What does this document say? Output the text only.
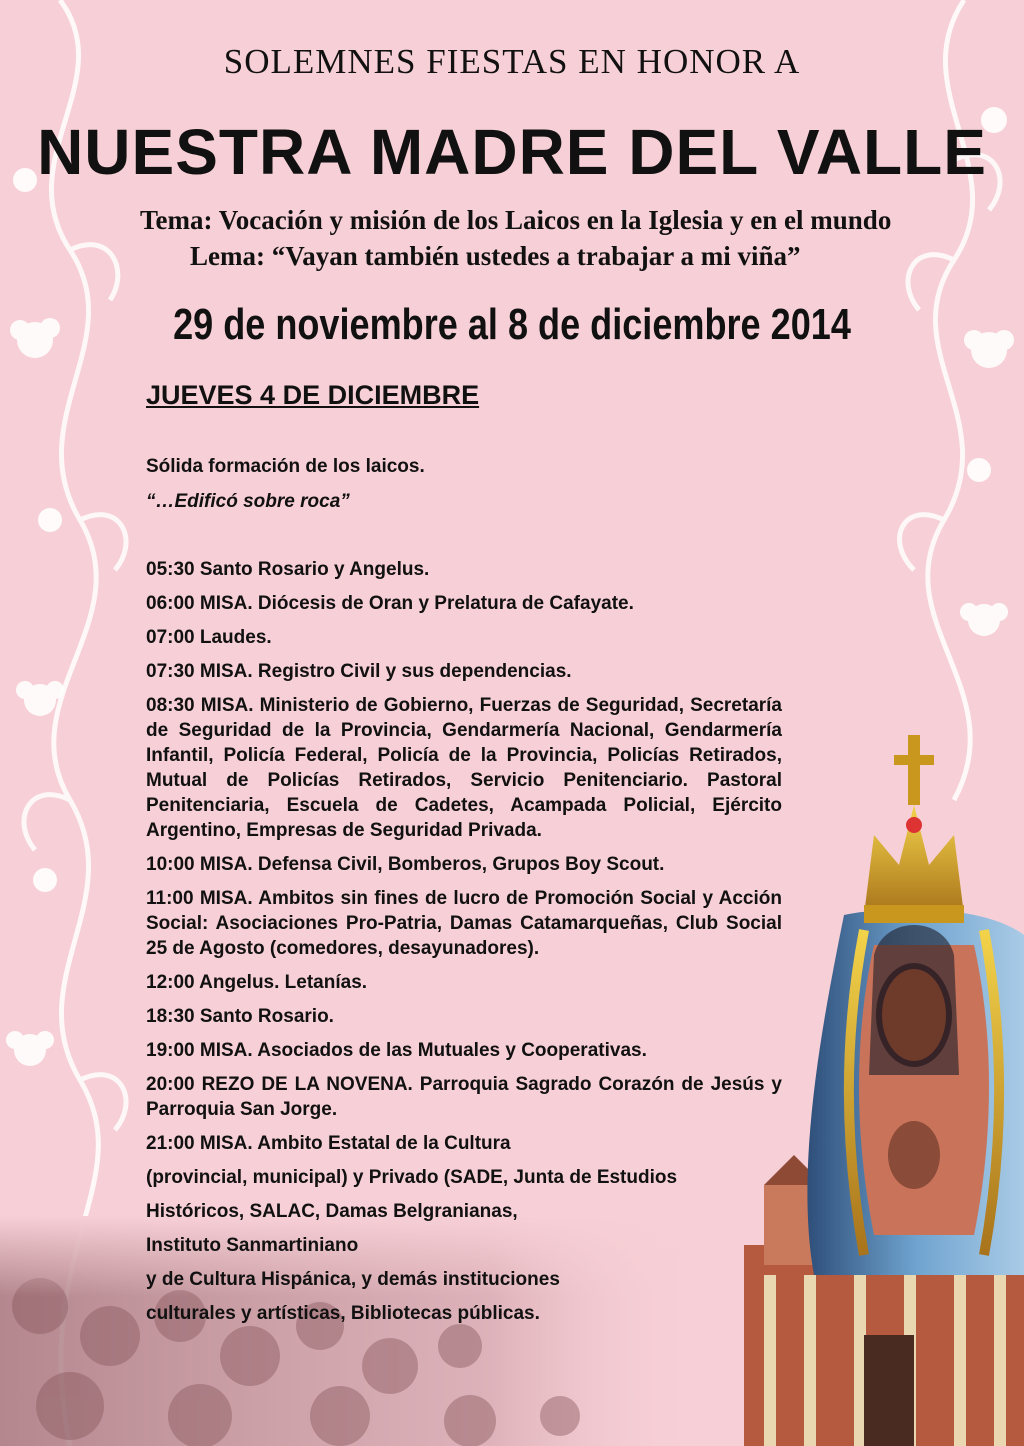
SOLEMNES FIESTAS EN HONOR A
NUESTRA MADRE DEL VALLE
Tema: Vocación y misión de los Laicos en la Iglesia y en el mundo
Lema: “Vayan también ustedes a trabajar a mi viña”
29 de noviembre al 8 de diciembre 2014
JUEVES 4 DE DICIEMBRE
Sólida formación de los laicos.
“…Edificó sobre roca”
05:30 Santo Rosario y Angelus.
06:00 MISA. Diócesis de Oran y Prelatura de Cafayate.
07:00 Laudes.
07:30 MISA. Registro Civil y sus dependencias.
08:30 MISA. Ministerio de Gobierno, Fuerzas de Seguridad, Secretaría de Seguridad de la Provincia, Gendarmería Nacional, Gendarmería Infantil, Policía Federal, Policía de la Provincia, Policías Retirados, Mutual de Policías Retirados, Servicio Penitenciario. Pastoral Penitenciaria, Escuela de Cadetes, Acampada Policial, Ejército Argentino, Empresas de Seguridad Privada.
10:00 MISA. Defensa Civil, Bomberos, Grupos Boy Scout.
11:00 MISA. Ambitos sin fines de lucro de Promoción Social y Acción Social: Asociaciones Pro-Patria, Damas Catamarqueñas, Club Social 25 de Agosto (comedores, desayunadores).
12:00 Angelus. Letanías.
18:30 Santo Rosario.
19:00 MISA. Asociados de las Mutuales y Cooperativas.
20:00 REZO DE LA NOVENA. Parroquia Sagrado Corazón de Jesús y Parroquia San Jorge.
21:00 MISA. Ambito Estatal de la Cultura
(provincial, municipal) y Privado (SADE, Junta de Estudios
Históricos, SALAC, Damas Belgranianas,
Instituto Sanmartiniano
y de Cultura Hispánica, y demás instituciones
culturales y artísticas, Bibliotecas públicas.
